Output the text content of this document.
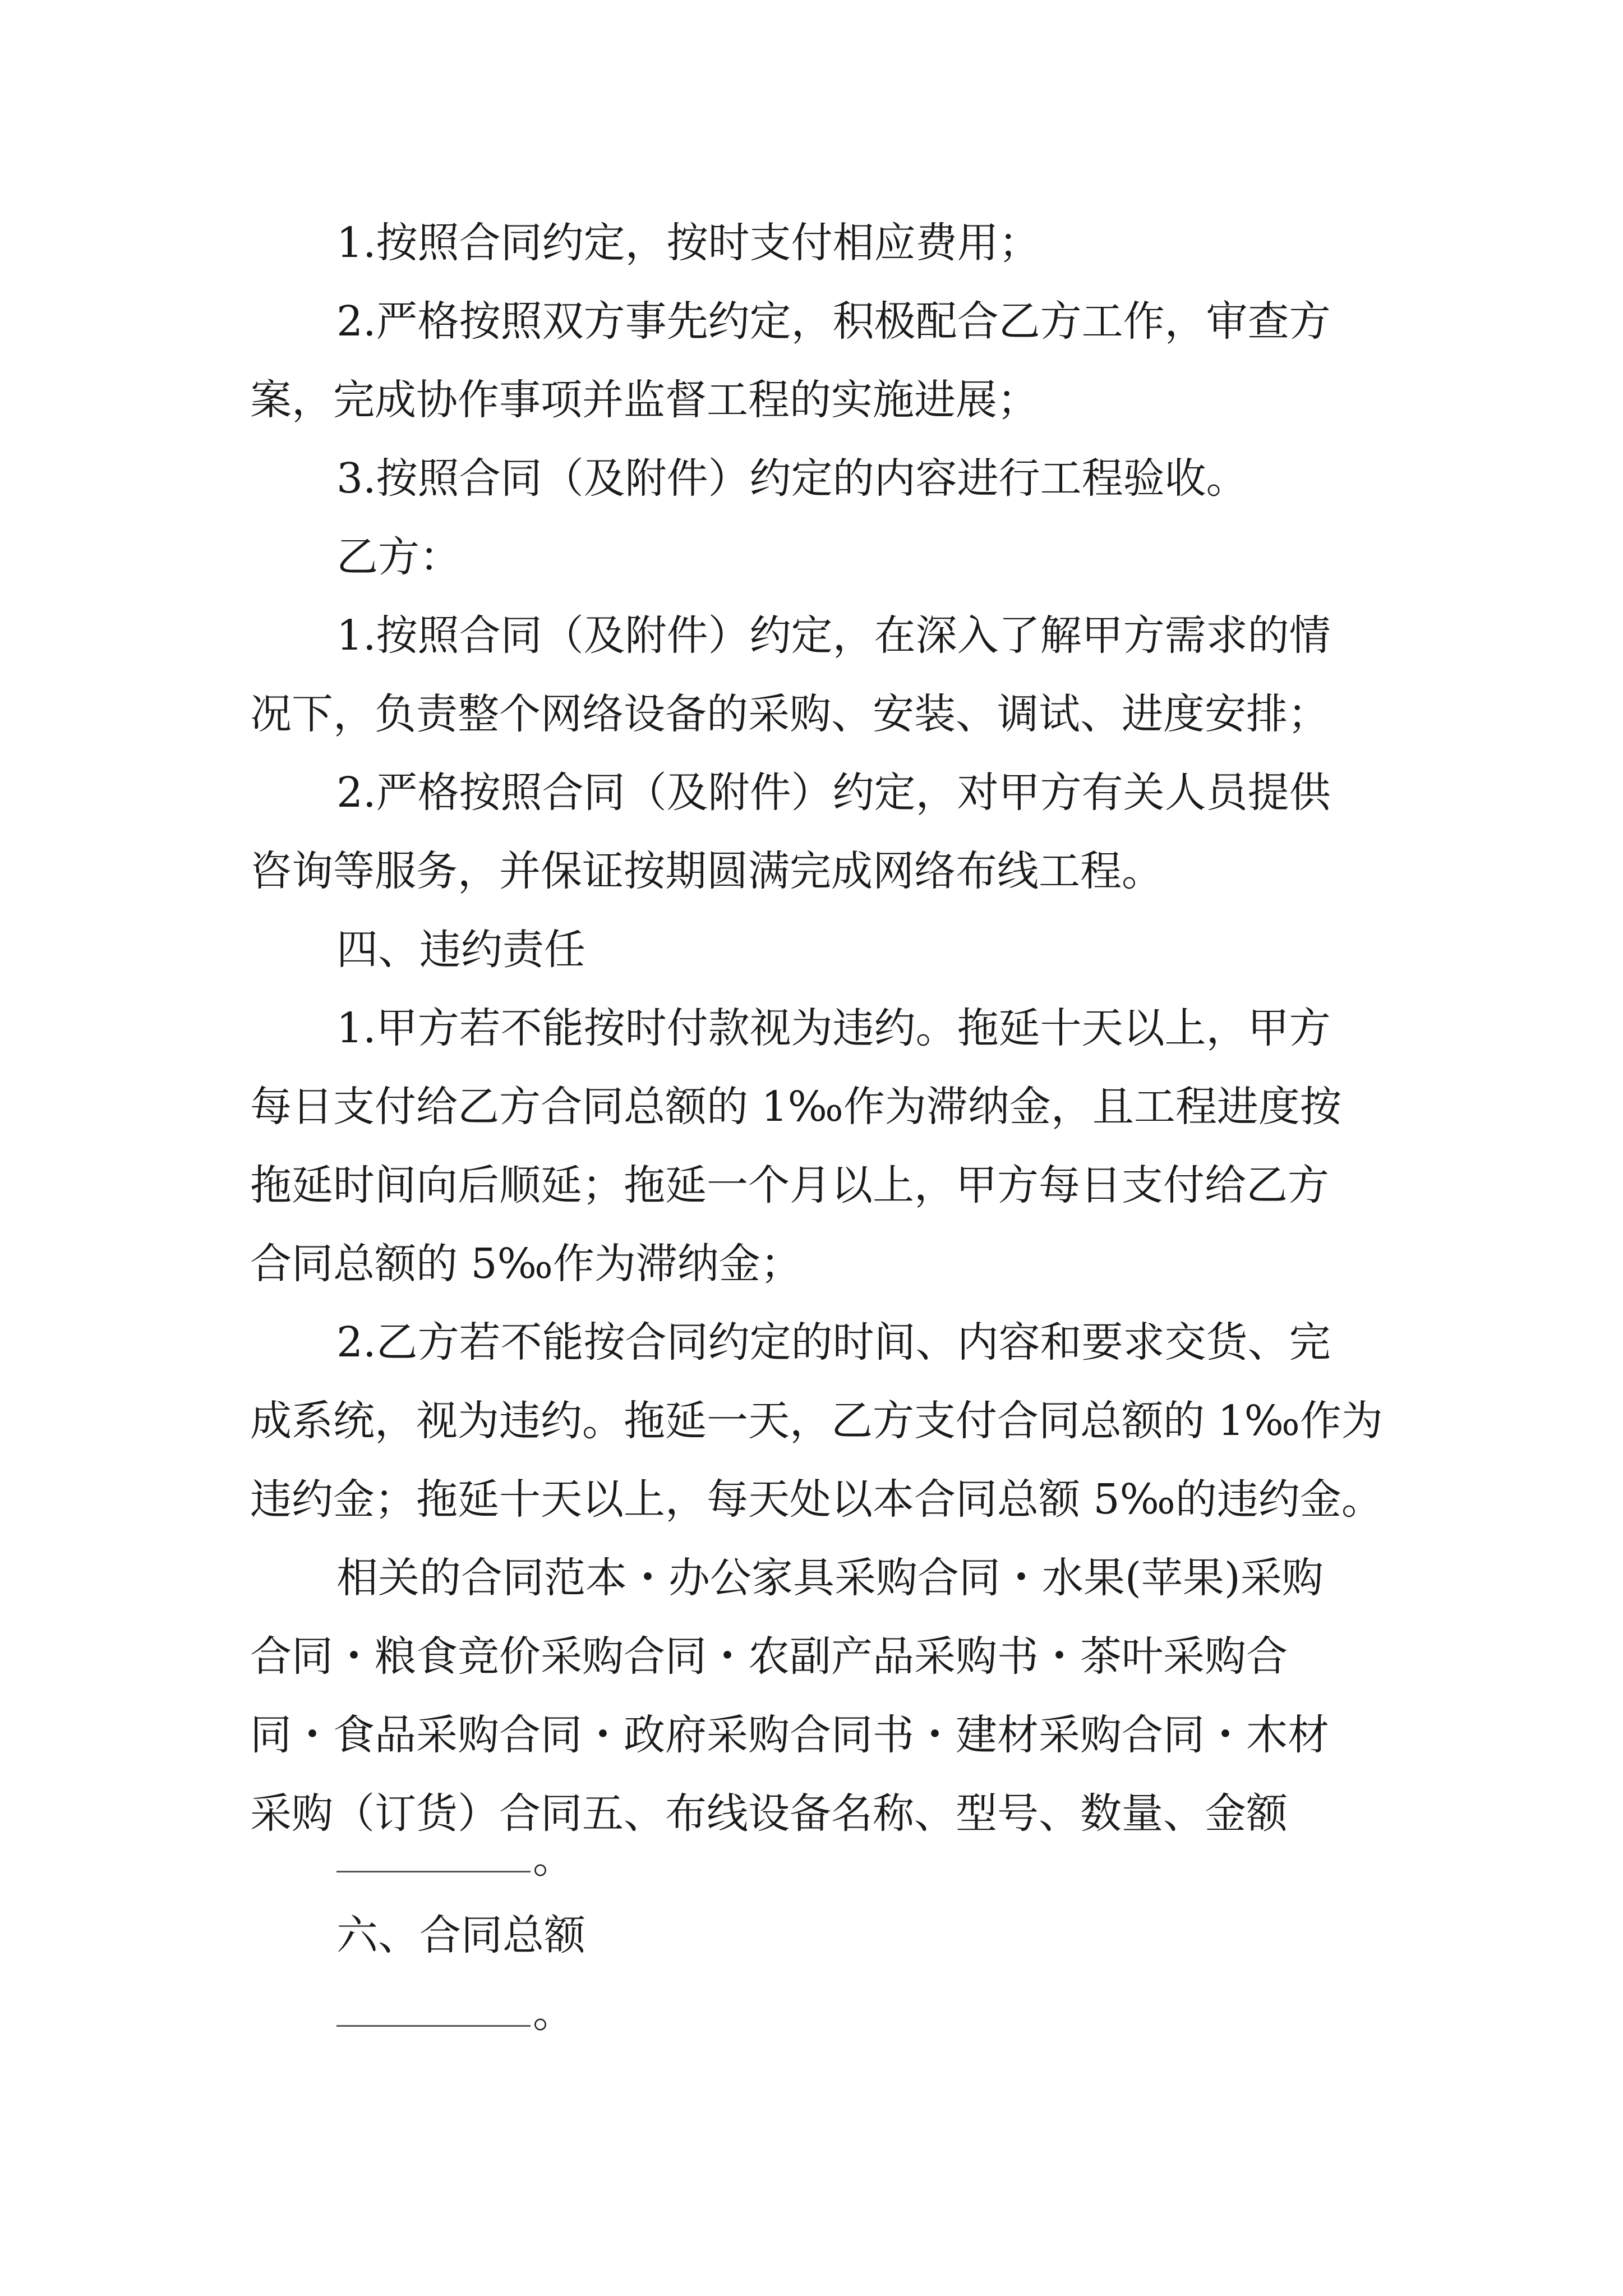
1.按照合同约定，按时支付相应费用；
2.严格按照双方事先约定，积极配合乙方工作，审查方
案，完成协作事项并监督工程的实施进展；
3.按照合同（及附件）约定的内容进行工程验收。
乙方：
1.按照合同（及附件）约定，在深入了解甲方需求的情
况下，负责整个网络设备的采购、安装、调试、进度安排；
2.严格按照合同（及附件）约定，对甲方有关人员提供
咨询等服务，并保证按期圆满完成网络布线工程。
四、违约责任
1.甲方若不能按时付款视为违约。拖延十天以上，甲方
每日支付给乙方合同总额的 1‰作为滞纳金，且工程进度按
拖延时间向后顺延；拖延一个月以上，甲方每日支付给乙方
合同总额的 5‰作为滞纳金；
2.乙方若不能按合同约定的时间、内容和要求交货、完
成系统，视为违约。拖延一天，乙方支付合同总额的 1‰作为
违约金；拖延十天以上，每天处以本合同总额 5‰的违约金。
相关的合同范本・办公家具采购合同・水果(苹果)采购
合同・粮食竞价采购合同・农副产品采购书・茶叶采购合
同・食品采购合同・政府采购合同书・建材采购合同・木材
采购（订货）合同五、布线设备名称、型号、数量、金额
。
六、合同总额
。
